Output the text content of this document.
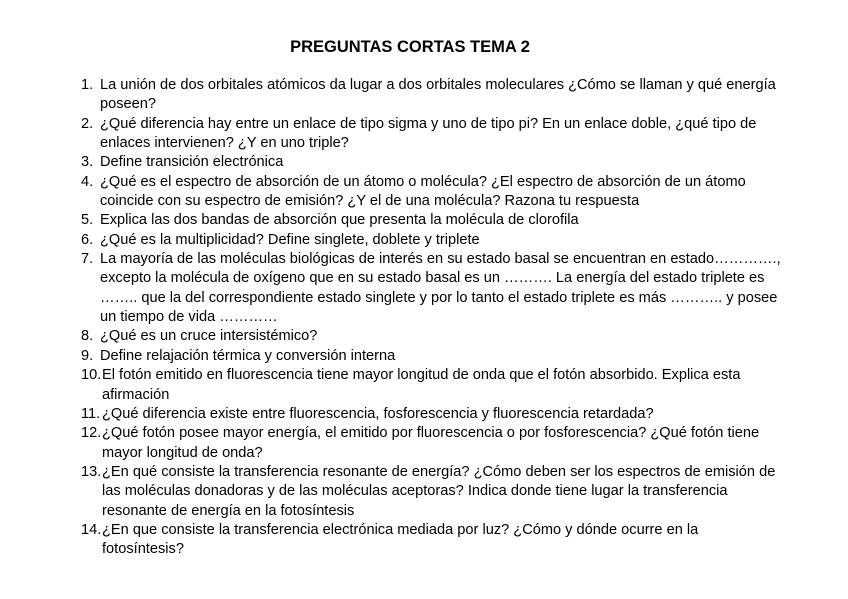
PREGUNTAS CORTAS TEMA 2
1. La unión de dos orbitales atómicos da lugar a dos orbitales moleculares ¿Cómo se llaman y qué energía poseen?
2. ¿Qué diferencia hay entre un enlace de tipo sigma y uno de tipo pi? En un enlace doble, ¿qué tipo de enlaces intervienen? ¿Y en uno triple?
3. Define transición electrónica
4. ¿Qué es el espectro de absorción de un átomo o molécula? ¿El espectro de absorción de un átomo coincide con su espectro de emisión? ¿Y el de una molécula? Razona tu respuesta
5. Explica las dos bandas de absorción que presenta la molécula de clorofila
6. ¿Qué es la multiplicidad? Define singlete, doblete y triplete
7. La mayoría de las moléculas biológicas de interés en su estado basal se encuentran en estado…………., excepto la molécula de oxígeno que en su estado basal es un ………. La energía del estado triplete es …….. que la del correspondiente estado singlete y por lo tanto el estado triplete es más ……….. y posee un tiempo de vida …………
8. ¿Qué es un cruce intersistémico?
9. Define relajación térmica y conversión interna
10. El fotón emitido en fluorescencia tiene mayor longitud de onda que el fotón absorbido. Explica esta afirmación
11. ¿Qué diferencia existe entre fluorescencia, fosforescencia y fluorescencia retardada?
12. ¿Qué fotón posee mayor energía, el emitido por fluorescencia o por fosforescencia? ¿Qué fotón tiene mayor longitud de onda?
13. ¿En qué consiste la transferencia resonante de energía? ¿Cómo deben ser los espectros de emisión de las moléculas donadoras y de las moléculas aceptoras? Indica donde tiene lugar la transferencia resonante de energía en la fotosíntesis
14. ¿En que consiste la transferencia electrónica mediada por luz? ¿Cómo y dónde ocurre en la fotosíntesis?
